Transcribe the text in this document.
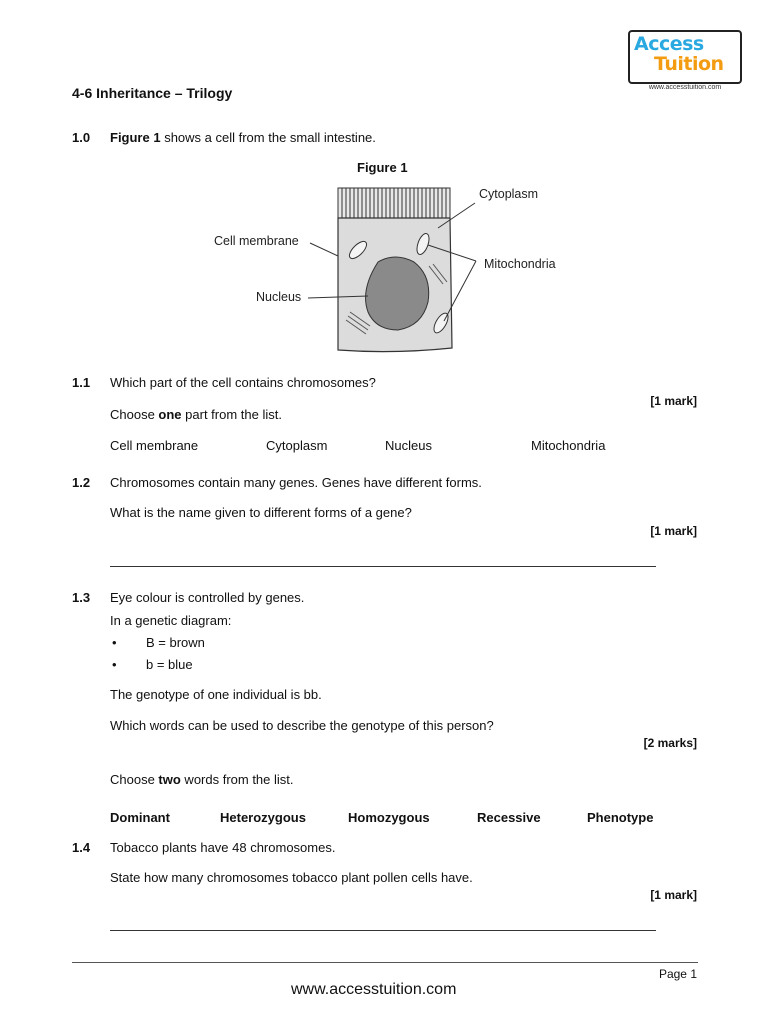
Access
Tuition
www.accesstuition.com
4-6 Inheritance – Trilogy
1.0 Figure 1 shows a cell from the small intestine.
Figure 1
Cytoplasm
Cell membrane
Mitochondria
Nucleus
1.1 Which part of the cell contains chromosomes?
[1 mark]
Choose one part from the list.
Cell membrane	Cytoplasm	Nucleus	Mitochondria
1.2 Chromosomes contain many genes. Genes have different forms.
What is the name given to different forms of a gene?
[1 mark]
1.3 Eye colour is controlled by genes.
In a genetic diagram:
• B = brown
• b = blue
The genotype of one individual is bb.
Which words can be used to describe the genotype of this person?
[2 marks]
Choose two words from the list.
Dominant	Heterozygous	Homozygous	Recessive	Phenotype
1.4 Tobacco plants have 48 chromosomes.
State how many chromosomes tobacco plant pollen cells have.
[1 mark]
Page 1
www.accesstuition.com
